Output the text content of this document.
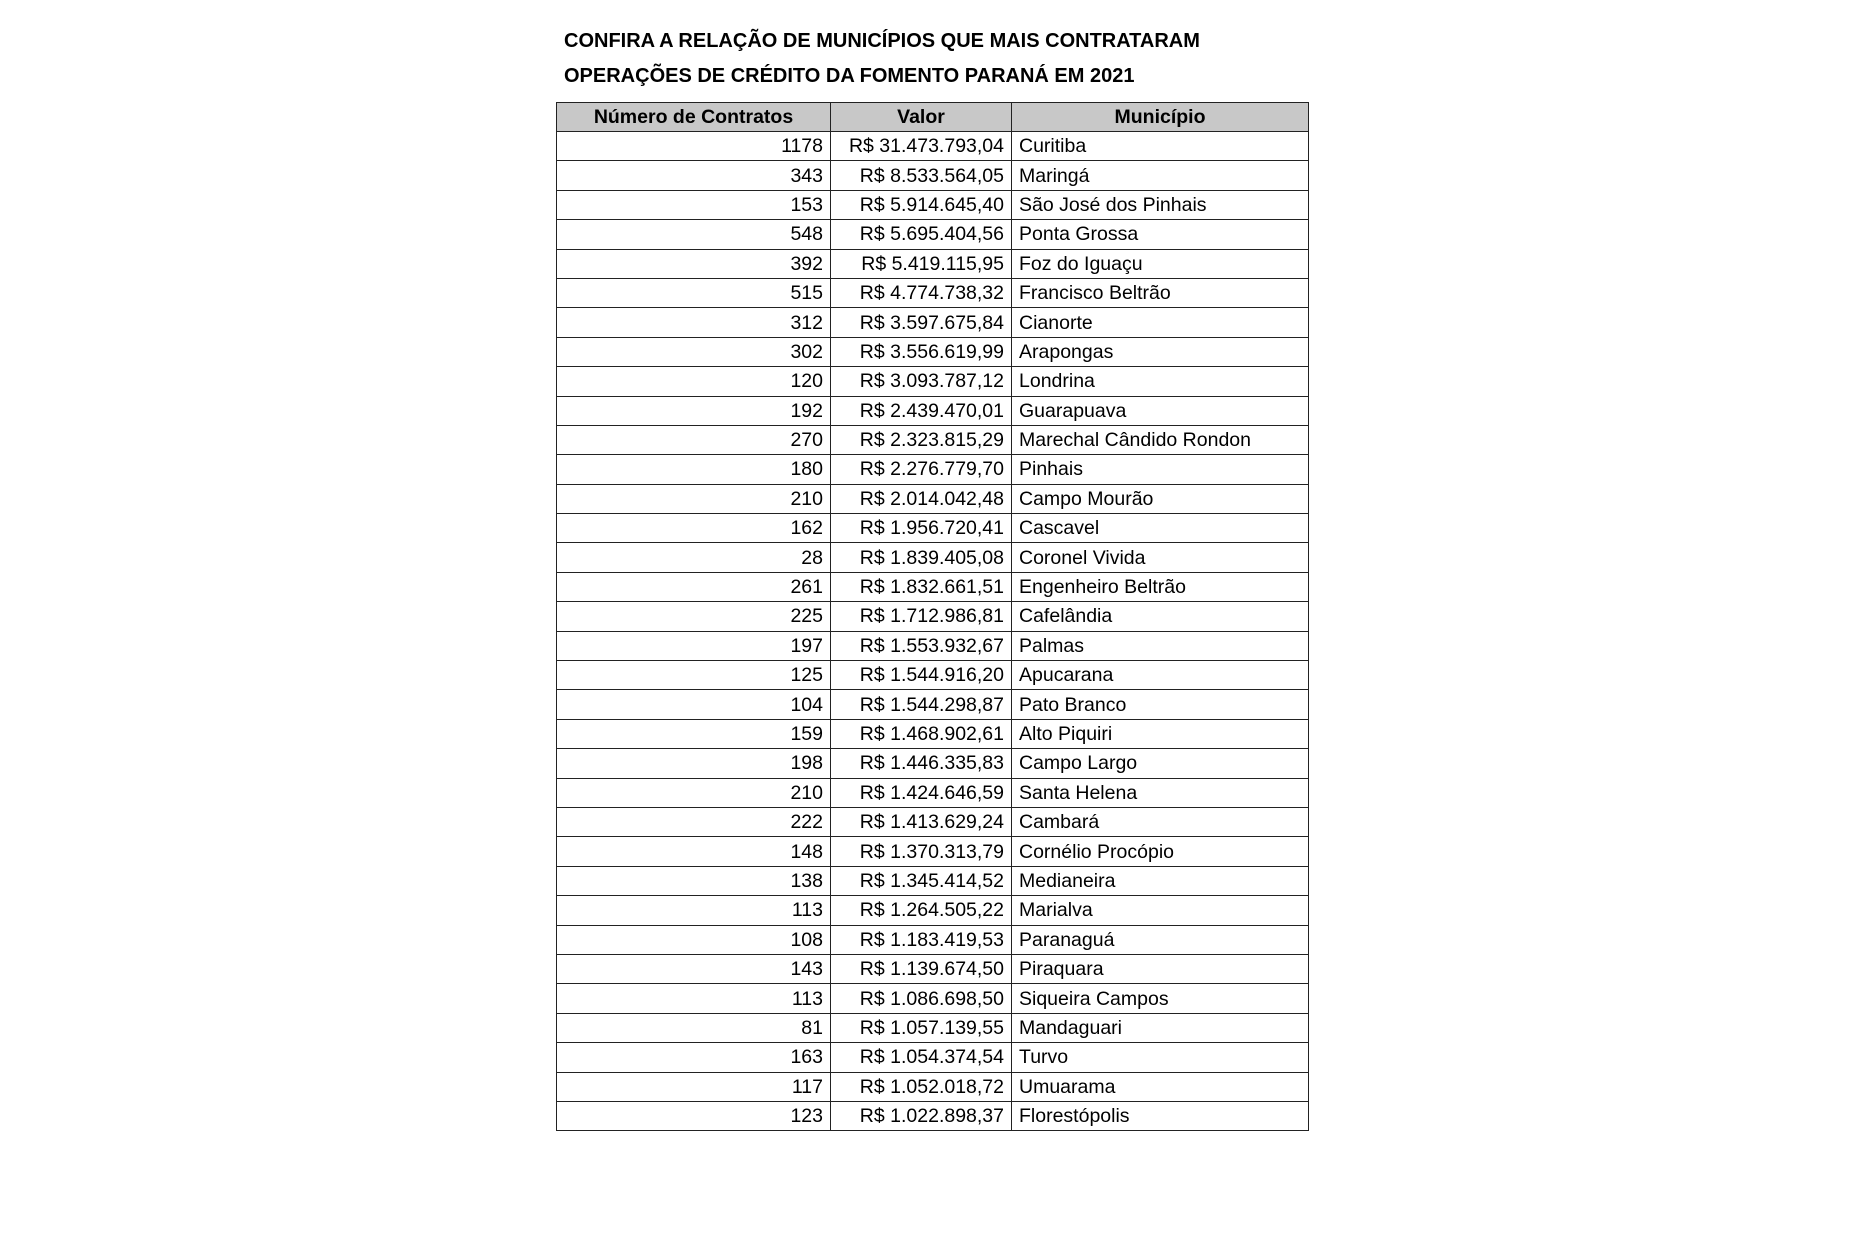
CONFIRA A RELAÇÃO DE MUNICÍPIOS QUE MAIS CONTRATARAM
OPERAÇÕES DE CRÉDITO DA FOMENTO PARANÁ EM 2021
Número de Contratos	Valor	Município
1178	R$ 31.473.793,04	Curitiba
343	R$ 8.533.564,05	Maringá
153	R$ 5.914.645,40	São José dos Pinhais
548	R$ 5.695.404,56	Ponta Grossa
392	R$ 5.419.115,95	Foz do Iguaçu
515	R$ 4.774.738,32	Francisco Beltrão
312	R$ 3.597.675,84	Cianorte
302	R$ 3.556.619,99	Arapongas
120	R$ 3.093.787,12	Londrina
192	R$ 2.439.470,01	Guarapuava
270	R$ 2.323.815,29	Marechal Cândido Rondon
180	R$ 2.276.779,70	Pinhais
210	R$ 2.014.042,48	Campo Mourão
162	R$ 1.956.720,41	Cascavel
28	R$ 1.839.405,08	Coronel Vivida
261	R$ 1.832.661,51	Engenheiro Beltrão
225	R$ 1.712.986,81	Cafelândia
197	R$ 1.553.932,67	Palmas
125	R$ 1.544.916,20	Apucarana
104	R$ 1.544.298,87	Pato Branco
159	R$ 1.468.902,61	Alto Piquiri
198	R$ 1.446.335,83	Campo Largo
210	R$ 1.424.646,59	Santa Helena
222	R$ 1.413.629,24	Cambará
148	R$ 1.370.313,79	Cornélio Procópio
138	R$ 1.345.414,52	Medianeira
113	R$ 1.264.505,22	Marialva
108	R$ 1.183.419,53	Paranaguá
143	R$ 1.139.674,50	Piraquara
113	R$ 1.086.698,50	Siqueira Campos
81	R$ 1.057.139,55	Mandaguari
163	R$ 1.054.374,54	Turvo
117	R$ 1.052.018,72	Umuarama
123	R$ 1.022.898,37	Florestópolis
